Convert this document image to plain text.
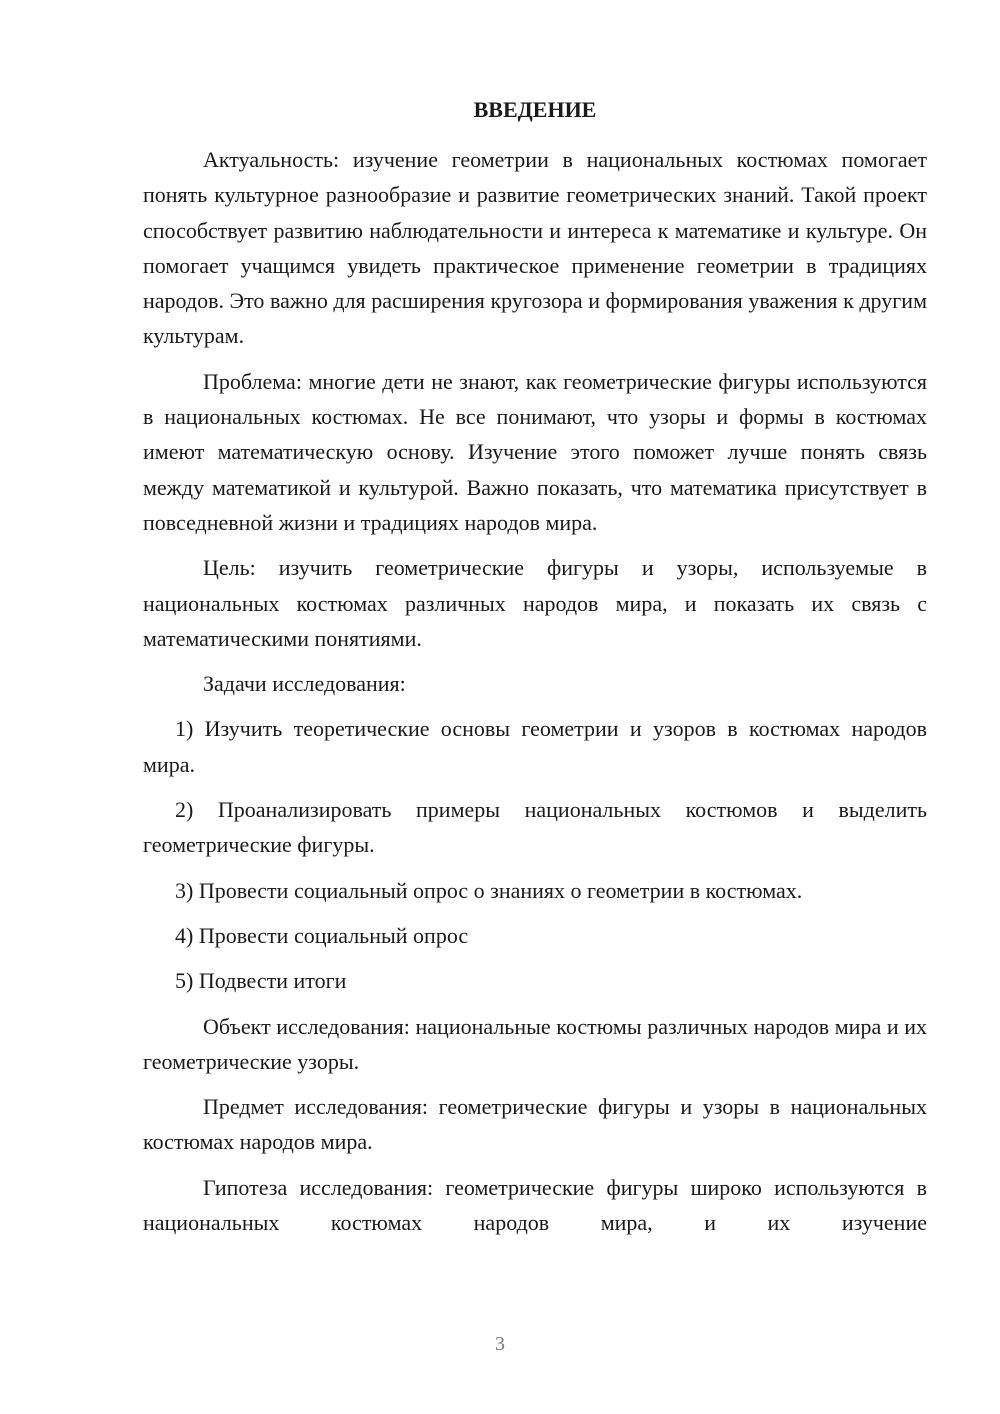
ВВЕДЕНИЕ

Актуальность: изучение геометрии в национальных костюмах помогает понять культурное разнообразие и развитие геометрических знаний. Такой проект способствует развитию наблюдательности и интереса к математике и культуре. Он помогает учащимся увидеть практическое применение геометрии в традициях народов. Это важно для расширения кругозора и формирования уважения к другим культурам.

Проблема: многие дети не знают, как геометрические фигуры используются в национальных костюмах. Не все понимают, что узоры и формы в костюмах имеют математическую основу. Изучение этого поможет лучше понять связь между математикой и культурой. Важно показать, что математика присутствует в повседневной жизни и традициях народов мира.

Цель: изучить геометрические фигуры и узоры, используемые в национальных костюмах различных народов мира, и показать их связь с математическими понятиями.

Задачи исследования:

1) Изучить теоретические основы геометрии и узоров в костюмах народов мира.

2) Проанализировать примеры национальных костюмов и выделить геометрические фигуры.

3) Провести социальный опрос о знаниях о геометрии в костюмах.

4) Провести социальный опрос

5) Подвести итоги

Объект исследования: национальные костюмы различных народов мира и их геометрические узоры.

Предмет исследования: геометрические фигуры и узоры в национальных костюмах народов мира.

Гипотеза исследования: геометрические фигуры широко используются в национальных костюмах народов мира, и их изучение

3
